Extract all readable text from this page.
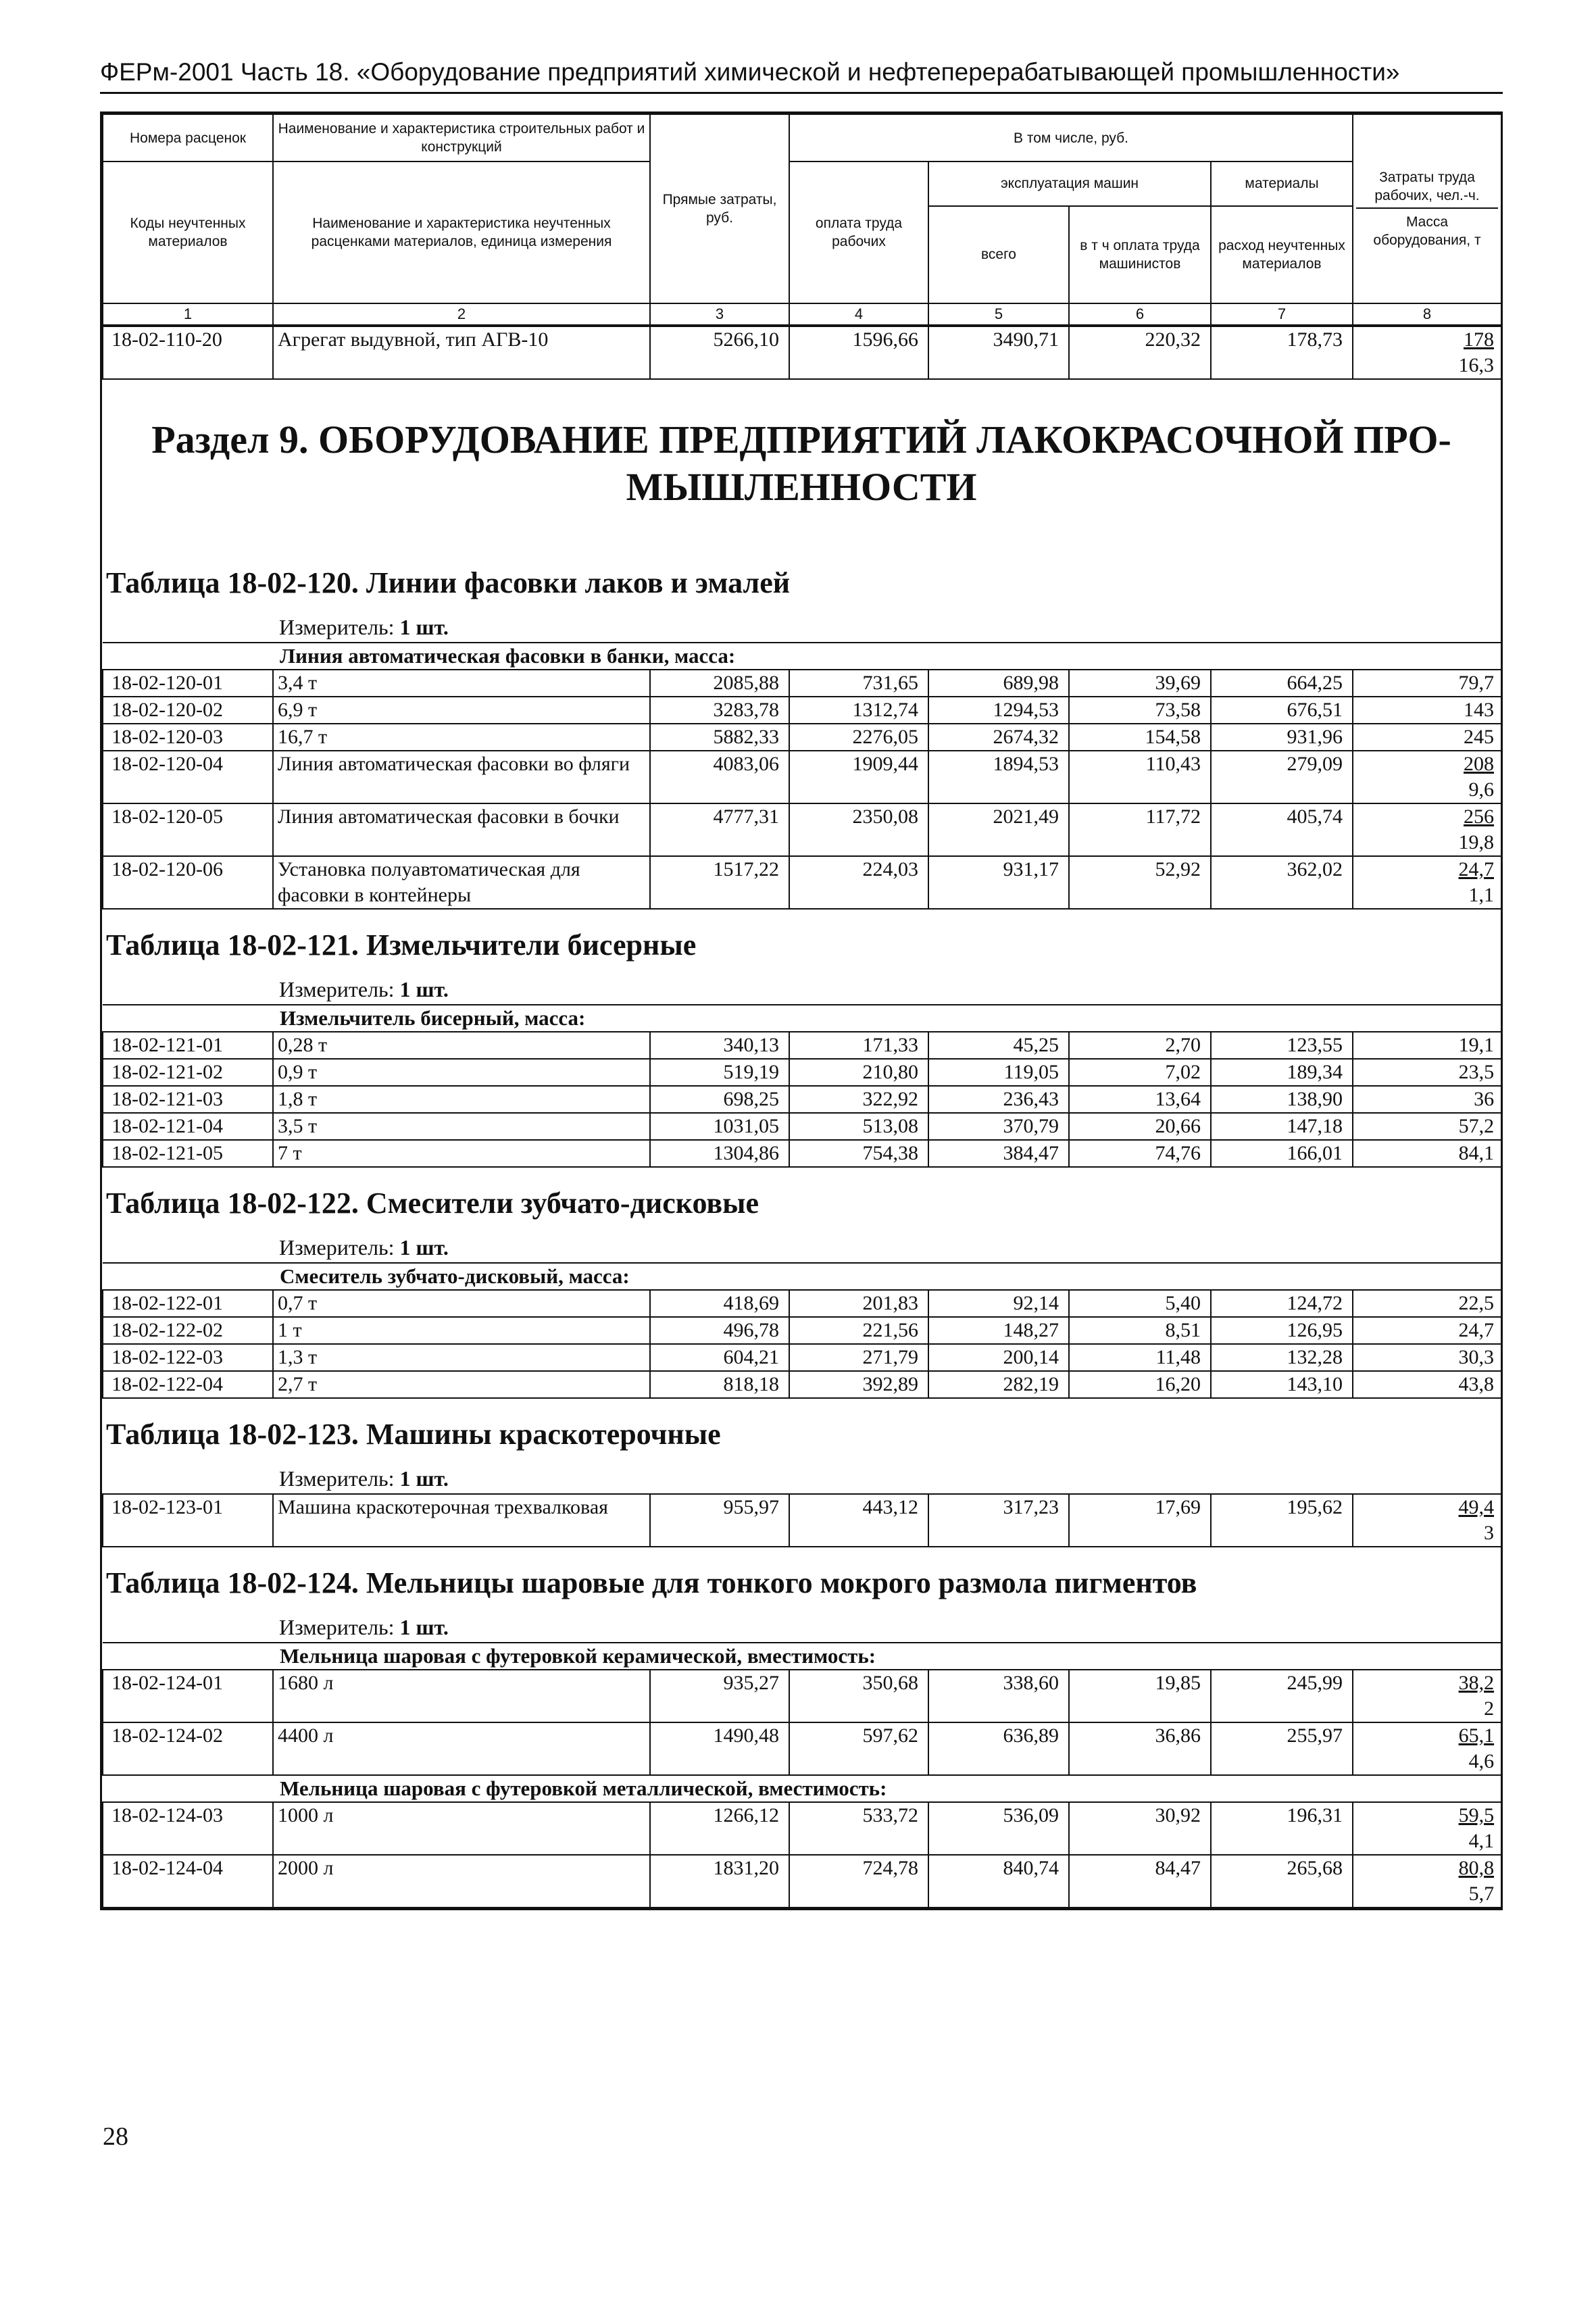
ФЕРм-2001 Часть 18. «Оборудование предприятий химической и нефтеперерабатывающей промышленности»
Номера расценок	Наименование и характеристика строительных работ и конструкций	Прямые затраты, руб.	В том числе, руб.				Затраты труда рабочих, чел.-ч.
Масса оборудования, т

Коды неучтенных материалов	Наименование и характеристика неучтенных расценками материалов, единица измерения		оплата труда рабочих	эксплуатация машин		материалы	
				всего	в т ч оплата труда машинистов	расход неучтенных материалов	
1	2	3	4	5	6	7	8
18-02-110-20	Агрегат выдувной, тип АГВ-10	5266,10	1596,66	3490,71	220,32	178,73	178
16,3
Раздел 9. ОБОРУДОВАНИЕ ПРЕДПРИЯТИЙ ЛАКОКРАСОЧНОЙ ПРО-
МЫШЛЕННОСТИ
Таблица 18-02-120. Линии фасовки лаков и эмалей
Измеритель: 1 шт.
Линия автоматическая фасовки в банки, масса:							
18-02-120-01	3,4 т	2085,88	731,65	689,98	39,69	664,25	79,7

18-02-120-02	6,9 т	3283,78	1312,74	1294,53	73,58	676,51	143

18-02-120-03	16,7 т	5882,33	2276,05	2674,32	154,58	931,96	245

18-02-120-04	Линия автоматическая фасовки во фляги	4083,06	1909,44	1894,53	110,43	279,09	208
9,6

18-02-120-05	Линия автоматическая фасовки в бочки	4777,31	2350,08	2021,49	117,72	405,74	256
19,8

18-02-120-06	Установка полуавтоматическая для фасовки в контейнеры	1517,22	224,03	931,17	52,92	362,02	24,7
1,1
Таблица 18-02-121. Измельчители бисерные
Измеритель: 1 шт.
Измельчитель бисерный, масса:							
18-02-121-01	0,28 т	340,13	171,33	45,25	2,70	123,55	19,1

18-02-121-02	0,9 т	519,19	210,80	119,05	7,02	189,34	23,5

18-02-121-03	1,8 т	698,25	322,92	236,43	13,64	138,90	36

18-02-121-04	3,5 т	1031,05	513,08	370,79	20,66	147,18	57,2

18-02-121-05	7 т	1304,86	754,38	384,47	74,76	166,01	84,1
Таблица 18-02-122. Смесители зубчато-дисковые
Измеритель: 1 шт.
Смеситель зубчато-дисковый, масса:							
18-02-122-01	0,7 т	418,69	201,83	92,14	5,40	124,72	22,5

18-02-122-02	1 т	496,78	221,56	148,27	8,51	126,95	24,7

18-02-122-03	1,3 т	604,21	271,79	200,14	11,48	132,28	30,3

18-02-122-04	2,7 т	818,18	392,89	282,19	16,20	143,10	43,8
Таблица 18-02-123. Машины краскотерочные
Измеритель: 1 шт.
18-02-123-01	Машина краскотерочная трехвалковая	955,97	443,12	317,23	17,69	195,62	49,4
3
Таблица 18-02-124. Мельницы шаровые для тонкого мокрого размола пигментов
Измеритель: 1 шт.
Мельница шаровая с футеровкой керамической, вместимость:							
18-02-124-01	1680 л	935,27	350,68	338,60	19,85	245,99	38,2
2

18-02-124-02	4400 л	1490,48	597,62	636,89	36,86	255,97	65,1
4,6

Мельница шаровая с футеровкой металлической, вместимость:							
18-02-124-03	1000 л	1266,12	533,72	536,09	30,92	196,31	59,5
4,1

18-02-124-04	2000 л	1831,20	724,78	840,74	84,47	265,68	80,8
5,7
28
